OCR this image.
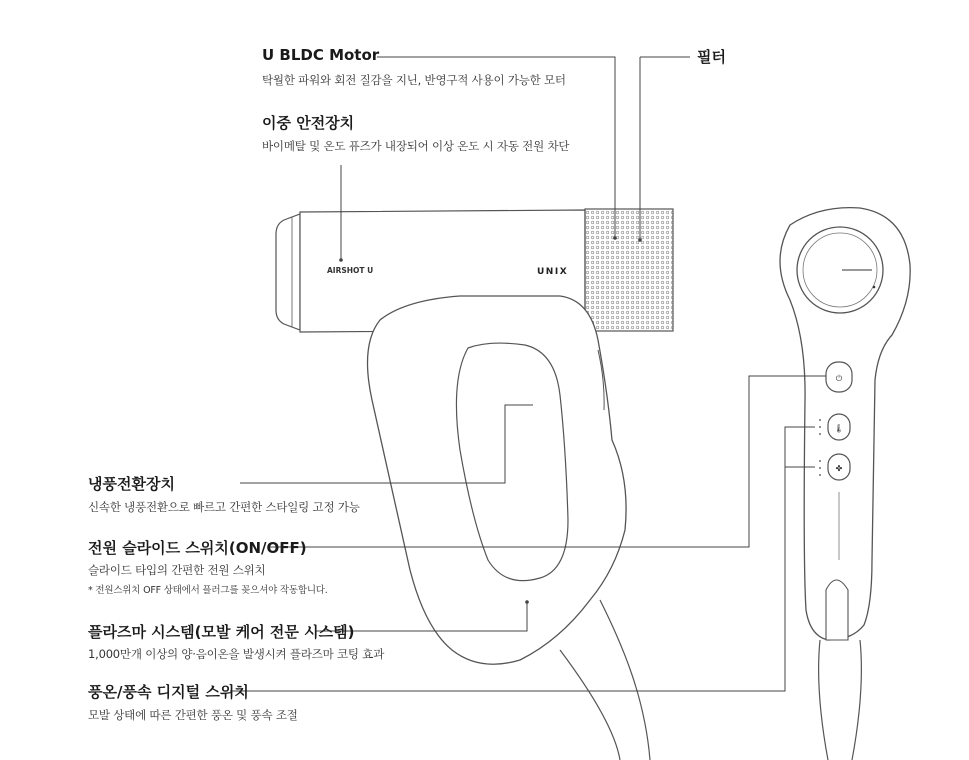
AIRSHOT U	UNIX
⏻
🌡
✤
U BLDC Motor
탁월한 파워와 회전 질감을 지닌, 반영구적 사용이 가능한 모터
필터
이중 안전장치
바이메탈 및 온도 퓨즈가 내장되어 이상 온도 시 자동 전원 차단
냉풍전환장치
신속한 냉풍전환으로 빠르고 간편한 스타일링 고정 가능
전원 슬라이드 스위치(ON/OFF)
슬라이드 타입의 간편한 전원 스위치
* 전원스위치 OFF 상태에서 플러그를 꽂으셔야 작동합니다.
플라즈마 시스템(모발 케어 전문 시스템)
1,000만개 이상의 양·음이온을 발생시켜 플라즈마 코팅 효과
풍온/풍속 디지털 스위치
모발 상태에 따른 간편한 풍온 및 풍속 조절
